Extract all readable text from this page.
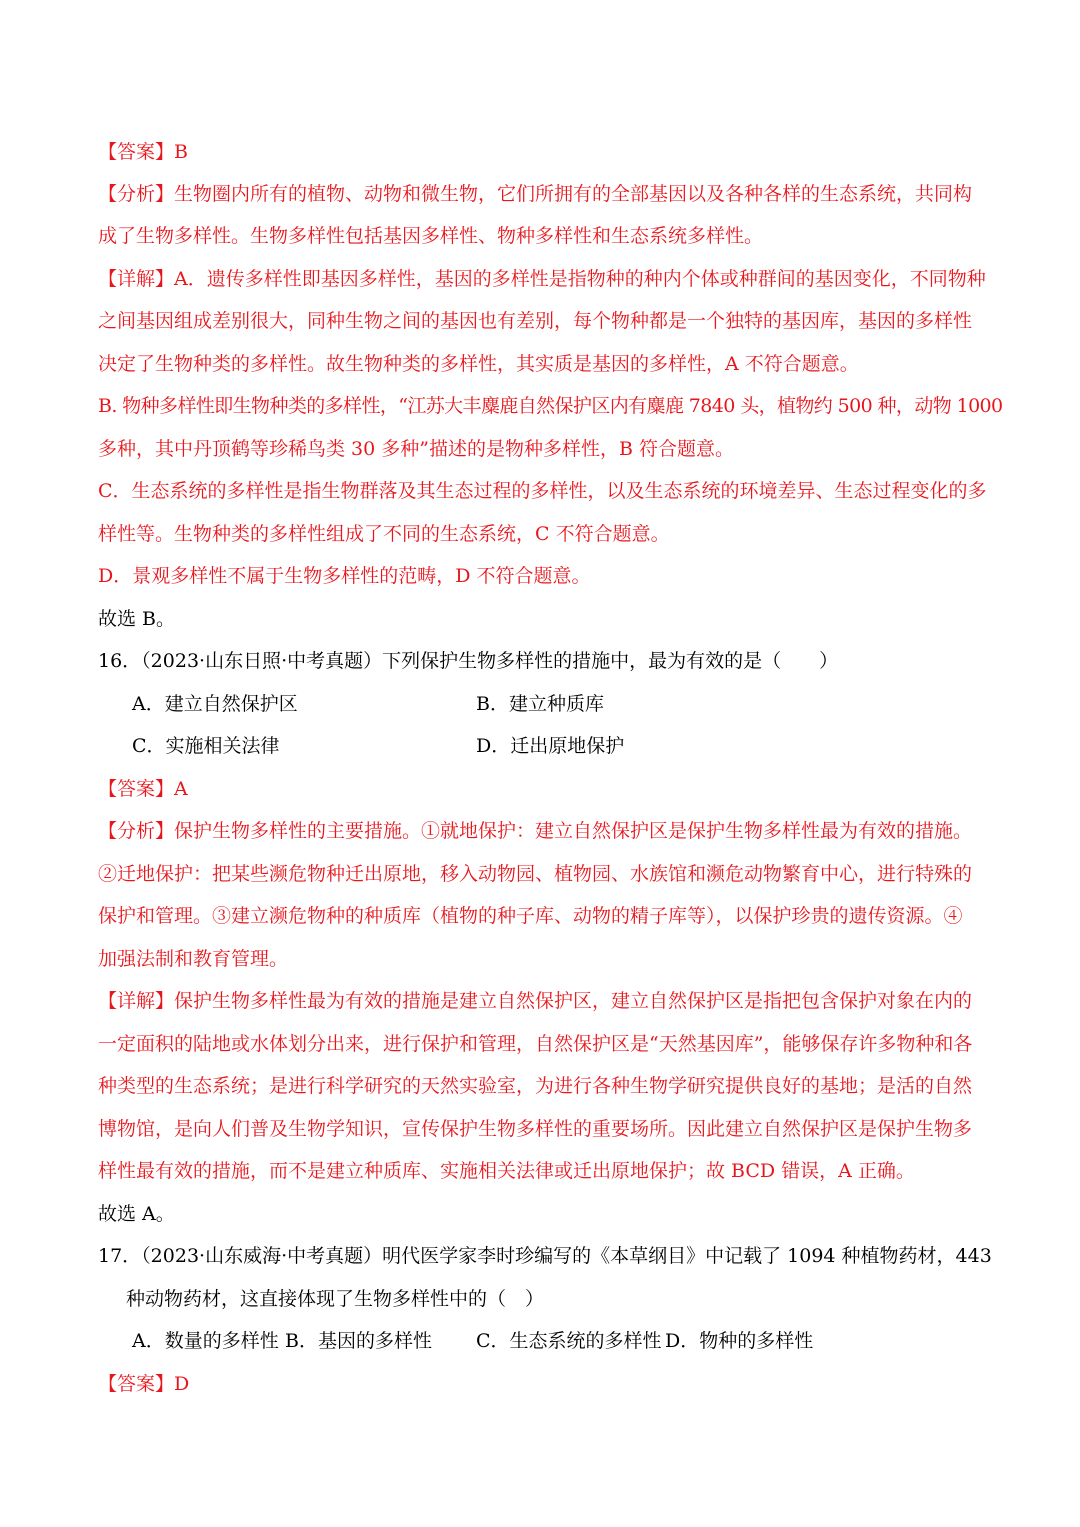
【答案】B
【分析】生物圈内所有的植物、动物和微生物，它们所拥有的全部基因以及各种各样的生态系统，共同构
成了生物多样性。生物多样性包括基因多样性、物种多样性和生态系统多样性。
【详解】A．遗传多样性即基因多样性，基因的多样性是指物种的种内个体或种群间的基因变化，不同物种
之间基因组成差别很大，同种生物之间的基因也有差别，每个物种都是一个独特的基因库，基因的多样性
决定了生物种类的多样性。故生物种类的多样性，其实质是基因的多样性，A 不符合题意。
B. 物种多样性即生物种类的多样性，“江苏大丰麋鹿自然保护区内有麋鹿 7840 头，植物约 500 种，动物 1000
多种，其中丹顶鹤等珍稀鸟类 30 多种”描述的是物种多样性，B 符合题意。
C．生态系统的多样性是指生物群落及其生态过程的多样性，以及生态系统的环境差异、生态过程变化的多
样性等。生物种类的多样性组成了不同的生态系统，C 不符合题意。
D．景观多样性不属于生物多样性的范畴，D 不符合题意。
故选 B。
16．（2023·山东日照·中考真题）下列保护生物多样性的措施中，最为有效的是（　　）
A．建立自然保护区	B．建立种质库
C．实施相关法律	D．迁出原地保护
【答案】A
【分析】保护生物多样性的主要措施。①就地保护：建立自然保护区是保护生物多样性最为有效的措施。
②迁地保护：把某些濒危物种迁出原地，移入动物园、植物园、水族馆和濒危动物繁育中心，进行特殊的
保护和管理。③建立濒危物种的种质库（植物的种子库、动物的精子库等），以保护珍贵的遗传资源。④
加强法制和教育管理。
【详解】保护生物多样性最为有效的措施是建立自然保护区，建立自然保护区是指把包含保护对象在内的
一定面积的陆地或水体划分出来，进行保护和管理，自然保护区是“天然基因库”，能够保存许多物种和各
种类型的生态系统；是进行科学研究的天然实验室，为进行各种生物学研究提供良好的基地；是活的自然
博物馆，是向人们普及生物学知识，宣传保护生物多样性的重要场所。因此建立自然保护区是保护生物多
样性最有效的措施，而不是建立种质库、实施相关法律或迁出原地保护；故 BCD 错误，A 正确。
故选 A。
17．（2023·山东威海·中考真题）明代医学家李时珍编写的《本草纲目》中记载了 1094 种植物药材，443
种动物药材，这直接体现了生物多样性中的（　）
A．数量的多样性 B．基因的多样性 C．生态系统的多样性 D．物种的多样性
【答案】D
